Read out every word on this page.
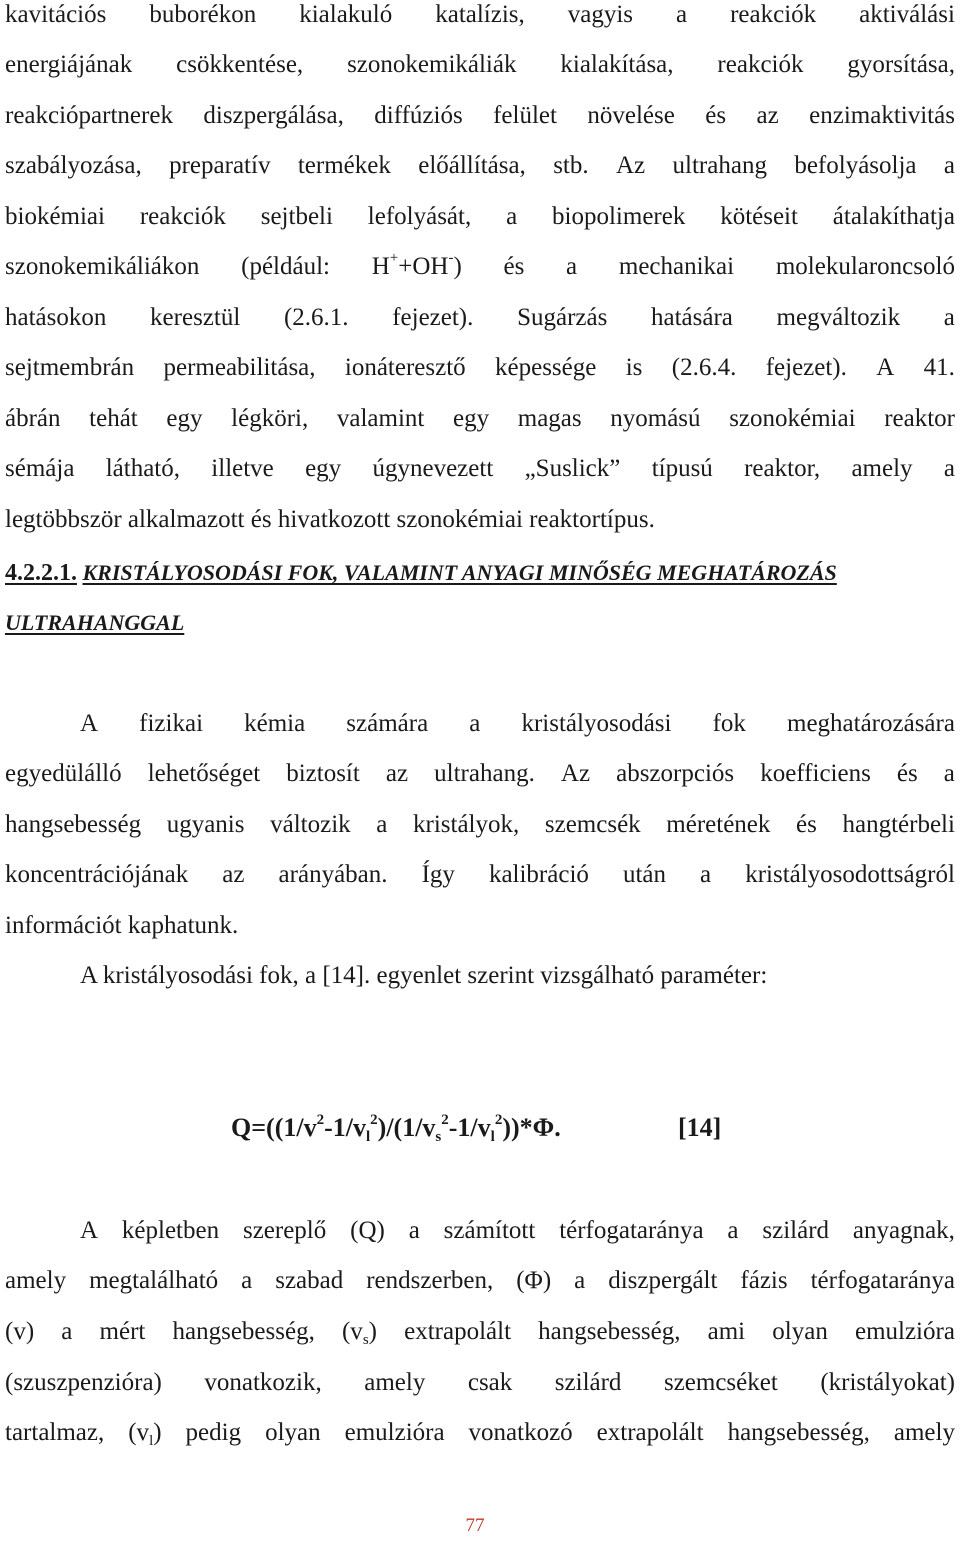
kavitációs buborékon kialakuló katalízis, vagyis a reakciók aktiválási
energiájának csökkentése, szonokemikáliák kialakítása, reakciók gyorsítása,
reakciópartnerek diszpergálása, diffúziós felület növelése és az enzimaktivitás
szabályozása, preparatív termékek előállítása, stb. Az ultrahang befolyásolja a
biokémiai reakciók sejtbeli lefolyását, a biopolimerek kötéseit átalakíthatja
szonokemikáliákon (például: H++OH-) és a mechanikai molekularoncsoló
hatásokon keresztül (2.6.1. fejezet). Sugárzás hatására megváltozik a
sejtmembrán permeabilitása, ionáteresztő képessége is (2.6.4. fejezet). A 41.
ábrán tehát egy légköri, valamint egy magas nyomású szonokémiai reaktor
sémája látható, illetve egy úgynevezett „Suslick” típusú reaktor, amely a
legtöbbször alkalmazott és hivatkozott szonokémiai reaktortípus.
4.2.2.1. KRISTÁLYOSODÁSI FOK, VALAMINT ANYAGI MINŐSÉG MEGHATÁROZÁS
ULTRAHANGGAL
A fizikai kémia számára a kristályosodási fok meghatározására
egyedülálló lehetőséget biztosít az ultrahang. Az abszorpciós koefficiens és a
hangsebesség ugyanis változik a kristályok, szemcsék méretének és hangtérbeli
koncentrációjának az arányában. Így kalibráció után a kristályosodottságról
információt kaphatunk.
A kristályosodási fok, a [14]. egyenlet szerint vizsgálható paraméter:
$Q=((1/v^2-1/v_l^2)/(1/v_s^2-1/v_l^2))*\Phi$.	[14]
A képletben szereplő (Q) a számított térfogataránya a szilárd anyagnak,
amely megtalálható a szabad rendszerben, (Φ) a diszpergált fázis térfogataránya
(v) a mért hangsebesség, $(v_s)$ extrapolált hangsebesség, ami olyan emulzióra
(szuszpenzióra) vonatkozik, amely csak szilárd szemcséket (kristályokat)
tartalmaz, $(v_l)$ pedig olyan emulzióra vonatkozó extrapolált hangsebesség, amely
77
